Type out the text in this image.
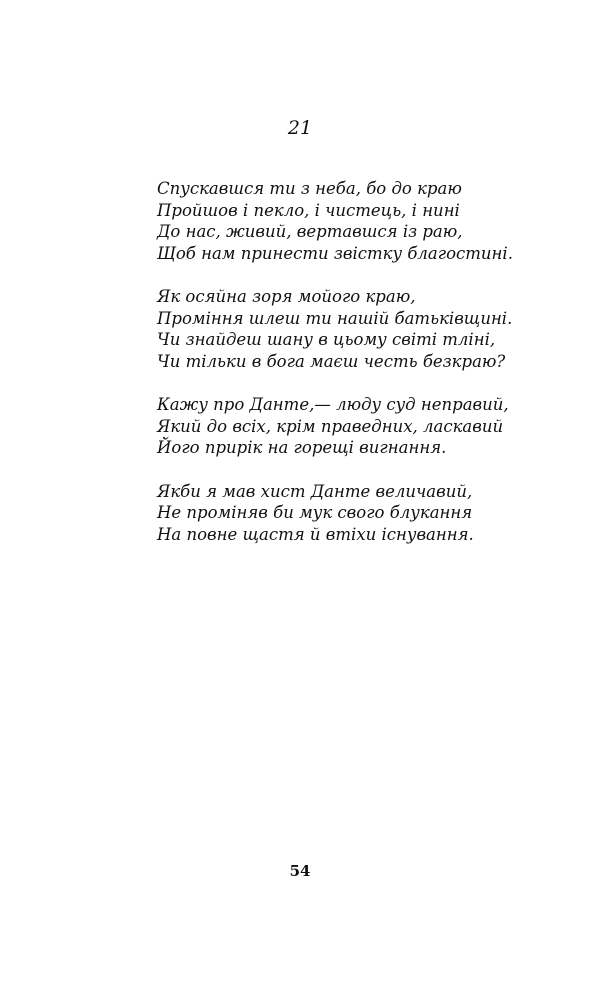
21
Спускавшся ти з неба, бо до краю
Пройшов і пекло, і чистець, і нині
До нас, живий, вертавшся із раю,
Щоб нам принести звістку благостині.
Як осяйна зоря мойого краю,
Проміння шлеш ти нашій батьківщині.
Чи знайдеш шану в цьому світі тліні,
Чи тільки в бога маєш честь безкраю?
Кажу про Данте,— люду суд неправий,
Який до всіх, крім праведних, ласкавий
Його прирік на горещі вигнання.
Якби я мав хист Данте величавий,
Не проміняв би мук свого блукання
На повне щастя й втіхи існування.
54
